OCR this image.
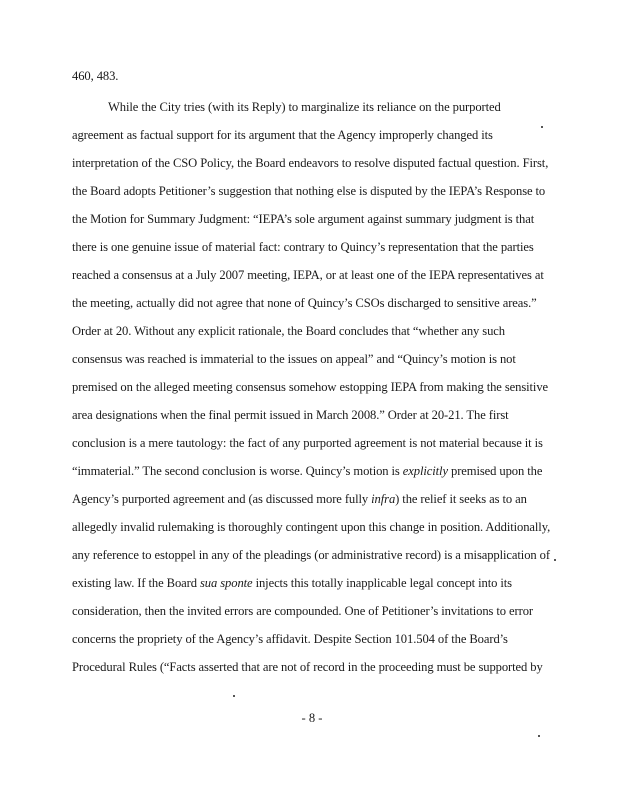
460, 483.
While the City tries (with its Reply) to marginalize its reliance on the purported
agreement as factual support for its argument that the Agency improperly changed its
interpretation of the CSO Policy, the Board endeavors to resolve disputed factual question. First,
the Board adopts Petitioner’s suggestion that nothing else is disputed by the IEPA’s Response to
the Motion for Summary Judgment: “IEPA’s sole argument against summary judgment is that
there is one genuine issue of material fact: contrary to Quincy’s representation that the parties
reached a consensus at a July 2007 meeting, IEPA, or at least one of the IEPA representatives at
the meeting, actually did not agree that none of Quincy’s CSOs discharged to sensitive areas.”
Order at 20. Without any explicit rationale, the Board concludes that “whether any such
consensus was reached is immaterial to the issues on appeal” and “Quincy’s motion is not
premised on the alleged meeting consensus somehow estopping IEPA from making the sensitive
area designations when the final permit issued in March 2008.” Order at 20-21. The first
conclusion is a mere tautology: the fact of any purported agreement is not material because it is
“immaterial.” The second conclusion is worse. Quincy’s motion is explicitly premised upon the
Agency’s purported agreement and (as discussed more fully infra) the relief it seeks as to an
allegedly invalid rulemaking is thoroughly contingent upon this change in position. Additionally,
any reference to estoppel in any of the pleadings (or administrative record) is a misapplication of
existing law. If the Board sua sponte injects this totally inapplicable legal concept into its
consideration, then the invited errors are compounded. One of Petitioner’s invitations to error
concerns the propriety of the Agency’s affidavit. Despite Section 101.504 of the Board’s
Procedural Rules (“Facts asserted that are not of record in the proceeding must be supported by
- 8 -
